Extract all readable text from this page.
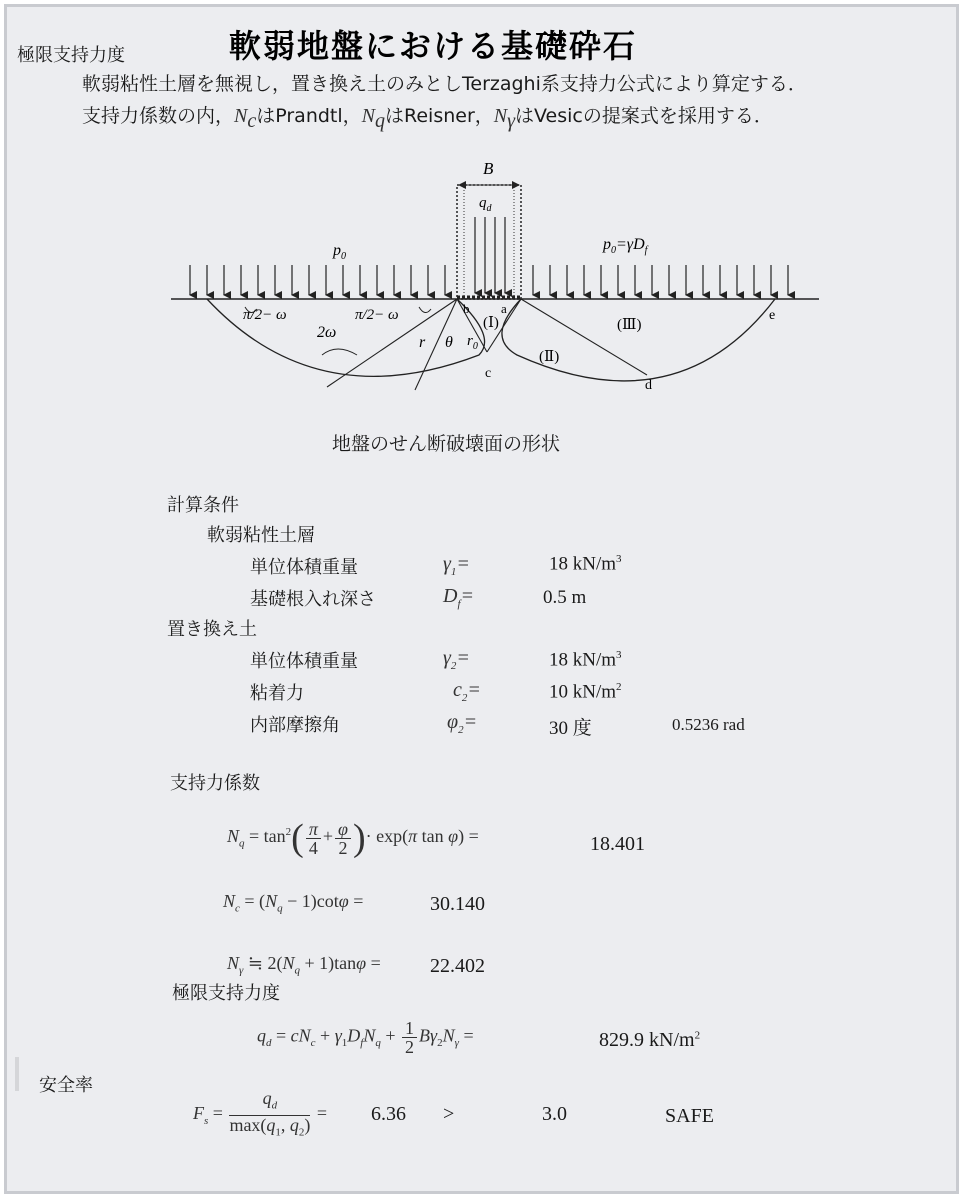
軟弱地盤における基礎砕石
極限支持力度
軟弱粘性土層を無視し，置き換え土のみとしTerzaghi系支持力公式により算定する．
支持力係数の内，$N_c$はPrandtl，$N_q$はReisner，$N_\gamma$はVesicの提案式を採用する．
B
$q_d$
$p_0$
$p_0=\gamma D_f$
π/2− ω	π/2− ω
2ω
r θ $r_0$
b a
(Ⅰ)
(Ⅱ)
(Ⅲ)
c
d
e
地盤のせん断破壊面の形状
計算条件
軟弱粘性土層
単位体積重量	$\gamma_1=$	18 $kN/m^3$
基礎根入れ深さ	$D_f=$	0.5 m
置き換え土
単位体積重量	$\gamma_2=$	18 $kN/m^3$
粘着力	$c_2=$	10 $kN/m^2$
内部摩擦角	$\varphi_2=$	30 度	0.5236 rad
支持力係数
$N_q = \tan^2( \frac{\pi}{4} + \frac{\varphi}{2}$ )· exp(π tan φ) =	18.401
$N_c = (N_q - 1)\cot\varphi$ =	30.140
$N_\gamma$ ≒ $2(N_q + 1)\tan\varphi = 22.402$
極限支持力度
$q_d = cN_c + \gamma_1D_fN_q + \frac{1}{2} B\gamma_2N_\gamma$ =	829.9 $kN/m^2$
安全率
$F_s = \frac{q_d}{\max(q_1, q_2)} = 6.36$ >	3.0	SAFE
